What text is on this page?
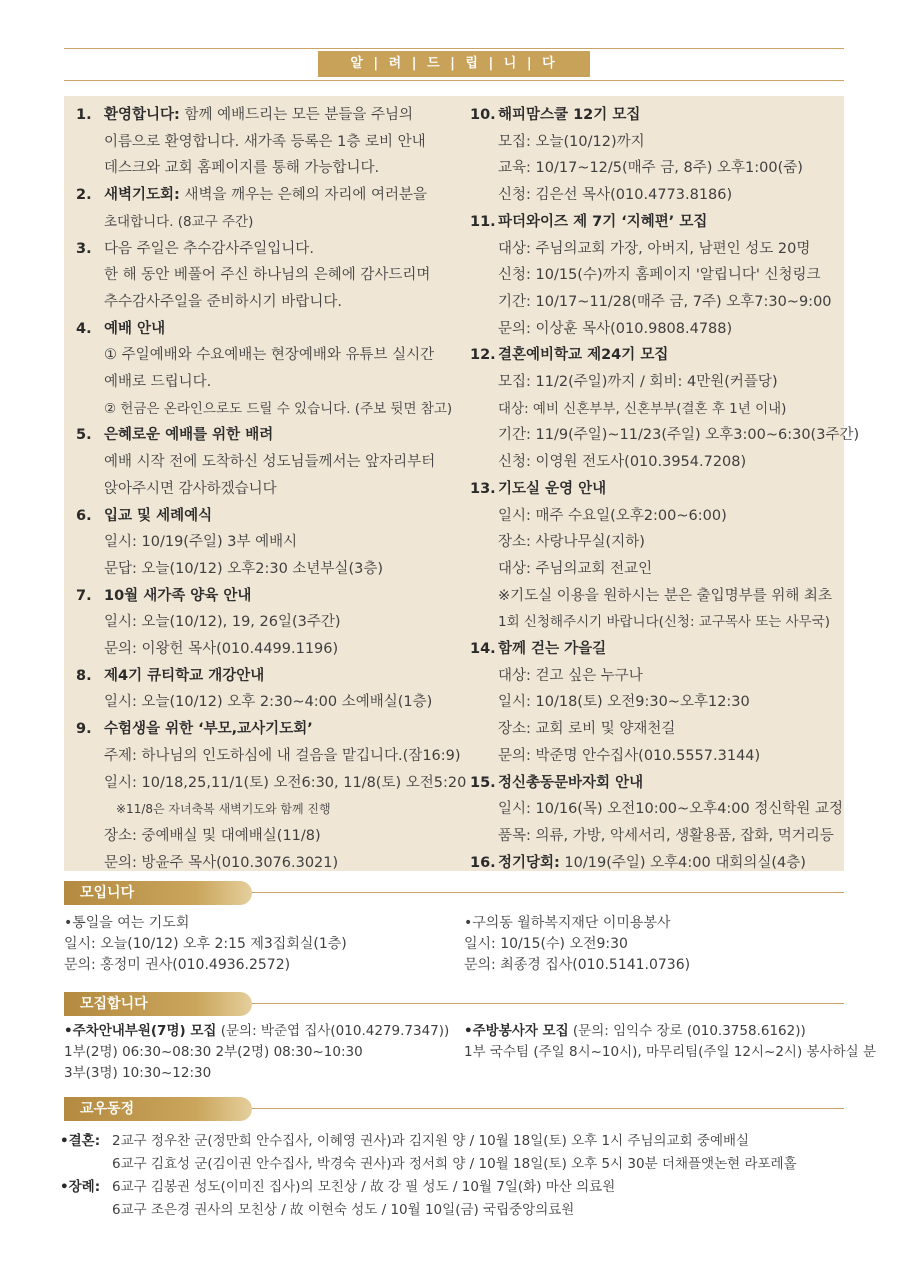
알 | 려 | 드 | 립 | 니 | 다
1. 환영합니다: 함께 예배드리는 모든 분들을 주님의
이름으로 환영합니다. 새가족 등록은 1층 로비 안내
데스크와 교회 홈페이지를 통해 가능합니다.
2. 새벽기도회: 새벽을 깨우는 은혜의 자리에 여러분을
초대합니다. (8교구 주간)
3. 다음 주일은 추수감사주일입니다.
한 해 동안 베풀어 주신 하나님의 은혜에 감사드리며
추수감사주일을 준비하시기 바랍니다.
4. 예배 안내
① 주일예배와 수요예배는 현장예배와 유튜브 실시간
예배로 드립니다.
② 헌금은 온라인으로도 드릴 수 있습니다. (주보 뒷면 참고)
5. 은혜로운 예배를 위한 배려
예배 시작 전에 도착하신 성도님들께서는 앞자리부터
앉아주시면 감사하겠습니다
6. 입교 및 세례예식
일시: 10/19(주일) 3부 예배시
문답: 오늘(10/12) 오후2:30 소년부실(3층)
7. 10월 새가족 양육 안내
일시: 오늘(10/12), 19, 26일(3주간)
문의: 이왕헌 목사(010.4499.1196)
8. 제4기 큐티학교 개강안내
일시: 오늘(10/12) 오후 2:30~4:00 소예배실(1층)
9. 수험생을 위한 ‘부모,교사기도회’
주제: 하나님의 인도하심에 내 걸음을 맡깁니다.(잠16:9)
일시: 10/18,25,11/1(토) 오전6:30, 11/8(토) 오전5:20
※11/8은 자녀축복 새벽기도와 함께 진행
장소: 중예배실 및 대예배실(11/8)
문의: 방윤주 목사(010.3076.3021)
10. 해피맘스쿨 12기 모집
모집: 오늘(10/12)까지
교육: 10/17~12/5(매주 금, 8주) 오후1:00(줌)
신청: 김은선 목사(010.4773.8186)
11. 파더와이즈 제 7기 ‘지혜편’ 모집
대상: 주님의교회 가장, 아버지, 남편인 성도 20명
신청: 10/15(수)까지 홈페이지 '알립니다' 신청링크
기간: 10/17~11/28(매주 금, 7주) 오후7:30~9:00
문의: 이상훈 목사(010.9808.4788)
12. 결혼예비학교 제24기 모집
모집: 11/2(주일)까지 / 회비: 4만원(커플당)
대상: 예비 신혼부부, 신혼부부(결혼 후 1년 이내)
기간: 11/9(주일)~11/23(주일) 오후3:00~6:30(3주간)
신청: 이영원 전도사(010.3954.7208)
13. 기도실 운영 안내
일시: 매주 수요일(오후2:00~6:00)
장소: 사랑나무실(지하)
대상: 주님의교회 전교인
※기도실 이용을 원하시는 분은 출입명부를 위해 최초
1회 신청해주시기 바랍니다(신청: 교구목사 또는 사무국)
14. 함께 걷는 가을길
대상: 걷고 싶은 누구나
일시: 10/18(토) 오전9:30~오후12:30
장소: 교회 로비 및 양재천길
문의: 박준명 안수집사(010.5557.3144)
15. 정신총동문바자회 안내
일시: 10/16(목) 오전10:00~오후4:00 정신학원 교정
품목: 의류, 가방, 악세서리, 생활용품, 잡화, 먹거리등
16. 정기당회: 10/19(주일) 오후4:00 대회의실(4층)
모입니다
•통일을 여는 기도회
일시: 오늘(10/12) 오후 2:15 제3집회실(1층)
문의: 홍정미 권사(010.4936.2572)
•구의동 월하복지재단 이미용봉사
일시: 10/15(수) 오전9:30
문의: 최종경 집사(010.5141.0736)
모집합니다
•주차안내부원(7명) 모집 (문의: 박준엽 집사(010.4279.7347))
1부(2명) 06:30~08:30 2부(2명) 08:30~10:30
3부(3명) 10:30~12:30
•주방봉사자 모집 (문의: 임익수 장로 (010.3758.6162))
1부 국수팀 (주일 8시~10시), 마무리팀(주일 12시~2시) 봉사하실 분
교우동정
•결혼: 2교구 정우찬 군(정만희 안수집사, 이혜영 권사)과 김지원 양 / 10월 18일(토) 오후 1시 주님의교회 중예배실
6교구 김효성 군(김이권 안수집사, 박경숙 권사)과 정서희 양 / 10월 18일(토) 오후 5시 30분 더채플앳논현 라포레홀
•장례: 6교구 김봉권 성도(이미진 집사)의 모친상 / 故 강 필 성도 / 10월 7일(화) 마산 의료원
6교구 조은경 권사의 모친상 / 故 이현숙 성도 / 10월 10일(금) 국립중앙의료원
